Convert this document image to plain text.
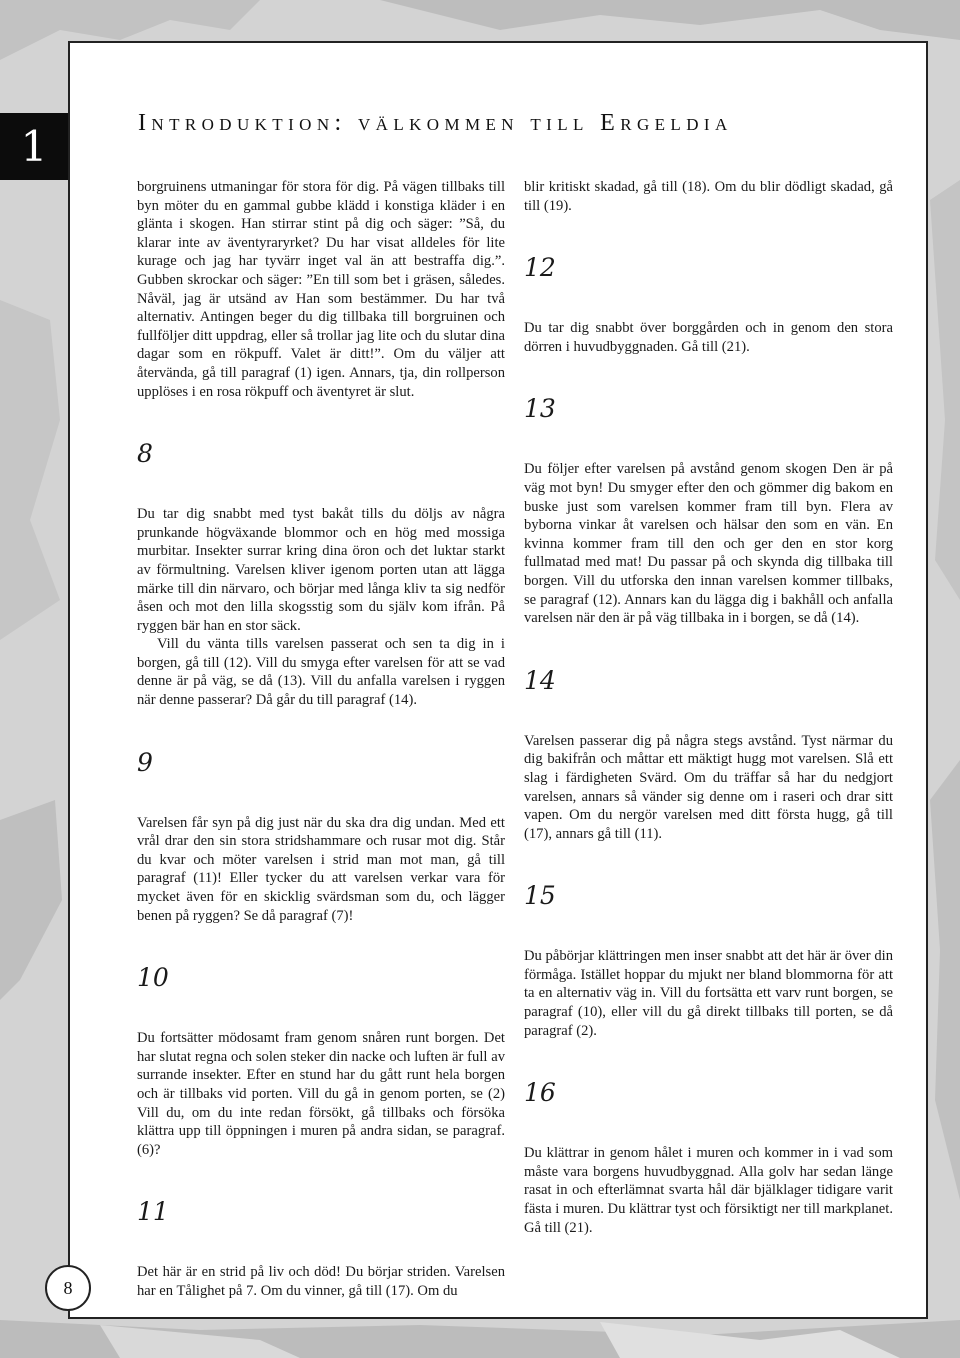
1	Introduktion: välkommen till Ergeldia

borgruinens utmaningar för stora för dig. På vägen tillbaks till byn möter du en gammal gubbe klädd i konstiga kläder i en glänta i skogen. Han stirrar stint på dig och säger: ”Så, du klarar inte av äventyraryrket? Du har visat alldeles för lite kurage och jag har tyvärr inget val än att bestraffa dig.”. Gubben skrockar och säger: ”En till som bet i gräsen, således. Nåväl, jag är utsänd av Han som bestämmer. Du har två alternativ. Antingen beger du dig tillbaka till borgruinen och fullföljer ditt uppdrag, eller så trollar jag lite och du slutar dina dagar som en rökpuff. Valet är ditt!”. Om du väljer att återvända, gå till paragraf (1) igen. Annars, tja, din rollperson upplöses i en rosa rökpuff och äventyret är slut.

8

Du tar dig snabbt med tyst bakåt tills du döljs av några prunkande högväxande blommor och en hög med mossiga murbitar. Insekter surrar kring dina öron och det luktar starkt av förmultning. Varelsen kliver igenom porten utan att lägga märke till din närvaro, och börjar med långa kliv ta sig nedför åsen och mot den lilla skogsstig som du själv kom ifrån. På ryggen bär han en stor säck.

Vill du vänta tills varelsen passerat och sen ta dig in i borgen, gå till (12). Vill du smyga efter varelsen för att se vad denne är på väg, se då (13). Vill du anfalla varelsen i ryggen när denne passerar? Då går du till paragraf (14).

9

Varelsen får syn på dig just när du ska dra dig undan. Med ett vrål drar den sin stora stridshammare och rusar mot dig. Står du kvar och möter varelsen i strid man mot man, gå till paragraf (11)! Eller tycker du att varelsen verkar vara för mycket även för en skicklig svärdsman som du, och lägger benen på ryggen? Se då paragraf (7)!

10

Du fortsätter mödosamt fram genom snåren runt borgen. Det har slutat regna och solen steker din nacke och luften är full av surrande insekter. Efter en stund har du gått runt hela borgen och är tillbaks vid porten. Vill du gå in genom porten, se (2) Vill du, om du inte redan försökt, gå tillbaks och försöka klättra upp till öppningen i muren på andra sidan, se paragraf. (6)?

11

Det här är en strid på liv och död! Du börjar striden. Varelsen har en Tålighet på 7. Om du vinner, gå till (17). Om du

blir kritiskt skadad, gå till (18). Om du blir dödligt skadad, gå till (19).

12

Du tar dig snabbt över borggården och in genom den stora dörren i huvudbyggnaden. Gå till (21).

13

Du följer efter varelsen på avstånd genom skogen Den är på väg mot byn! Du smyger efter den och gömmer dig bakom en buske just som varelsen kommer fram till byn. Flera av byborna vinkar åt varelsen och hälsar den som en vän. En kvinna kommer fram till den och ger den en stor korg fullmatad med mat! Du passar på och skynda dig tillbaka till borgen. Vill du utforska den innan varelsen kommer tillbaks, se paragraf (12). Annars kan du lägga dig i bakhåll och anfalla varelsen när den är på väg tillbaka in i borgen, se då (14).

14

Varelsen passerar dig på några stegs avstånd. Tyst närmar du dig bakifrån och måttar ett mäktigt hugg mot varelsen. Slå ett slag i färdigheten Svärd. Om du träffar så har du nedgjort varelsen, annars så vänder sig denne om i raseri och drar sitt vapen. Om du nergör varelsen med ditt första hugg, gå till (17), annars gå till (11).

15

Du påbörjar klättringen men inser snabbt att det här är över din förmåga. Istället hoppar du mjukt ner bland blommorna för att ta en alternativ väg in. Vill du fortsätta ett varv runt borgen, se paragraf (10), eller vill du gå direkt tillbaks till porten, se då paragraf (2).

16

Du klättrar in genom hålet i muren och kommer in i vad som måste vara borgens huvudbyggnad. Alla golv har sedan länge rasat in och efterlämnat svarta hål där bjälklager tidigare varit fästa i muren. Du klättrar tyst och försiktigt ner till markplanet. Gå till (21).

8
